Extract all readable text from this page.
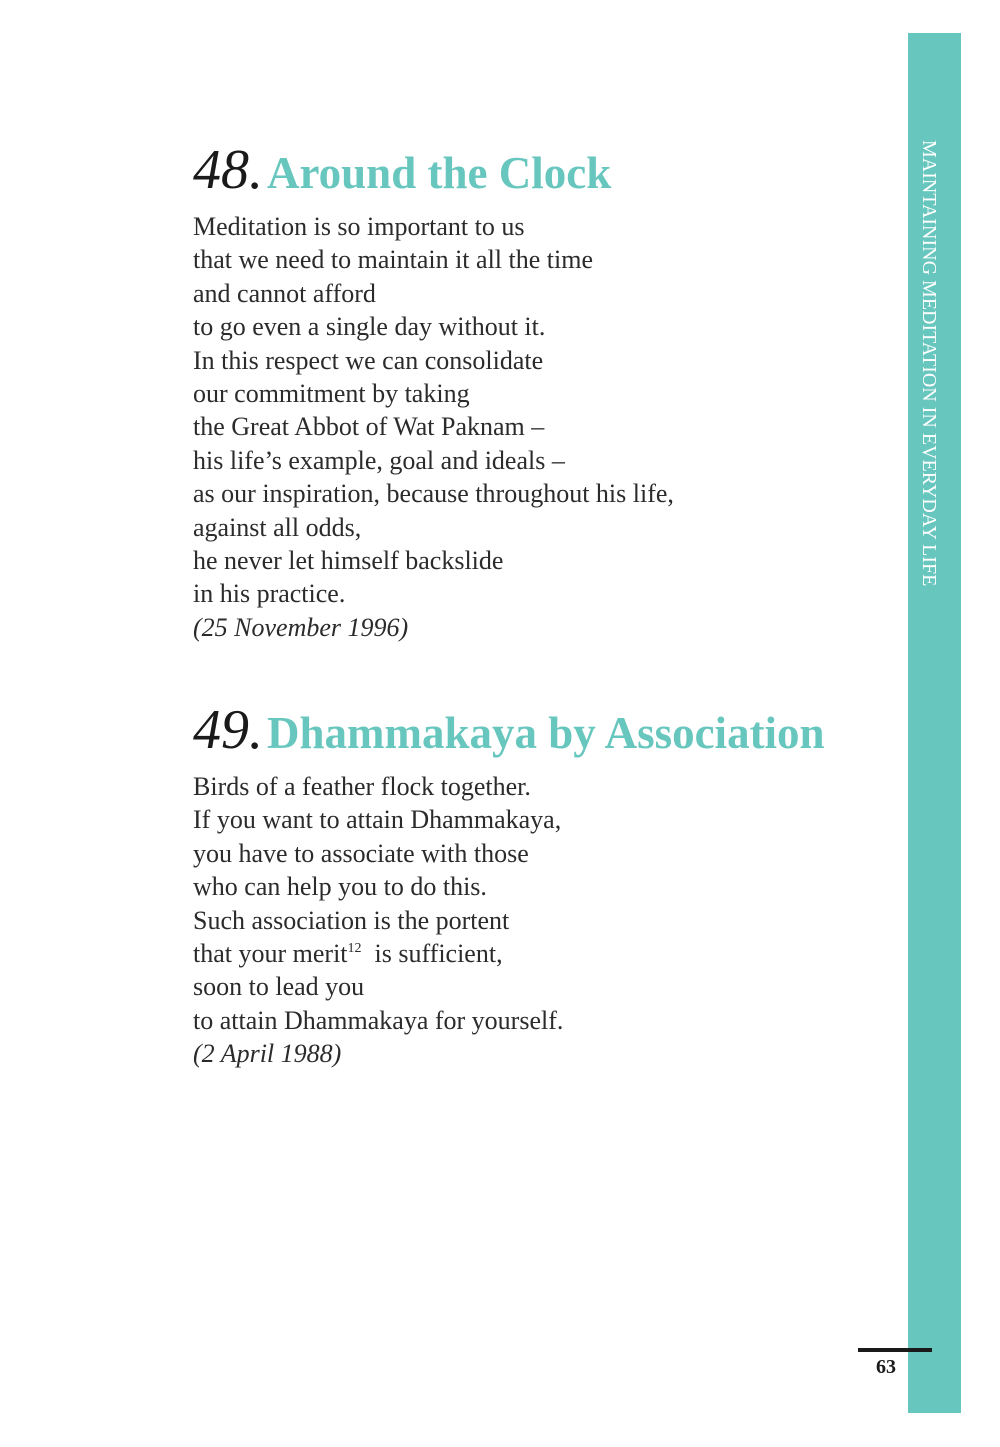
MAINTAINING MEDITATION IN EVERYDAY LIFE
48. Around the Clock
Meditation is so important to us
that we need to maintain it all the time
and cannot afford
to go even a single day without it.
In this respect we can consolidate
our commitment by taking
the Great Abbot of Wat Paknam –
his life’s example, goal and ideals –
as our inspiration, because throughout his life,
against all odds,
he never let himself backslide
in his practice.
(25 November 1996)
49. Dhammakaya by Association
Birds of a feather flock together.
If you want to attain Dhammakaya,
you have to associate with those
who can help you to do this.
Such association is the portent
that your merit$^{12}$  is sufficient,
soon to lead you
to attain Dhammakaya for yourself.
(2 April 1988)
63
